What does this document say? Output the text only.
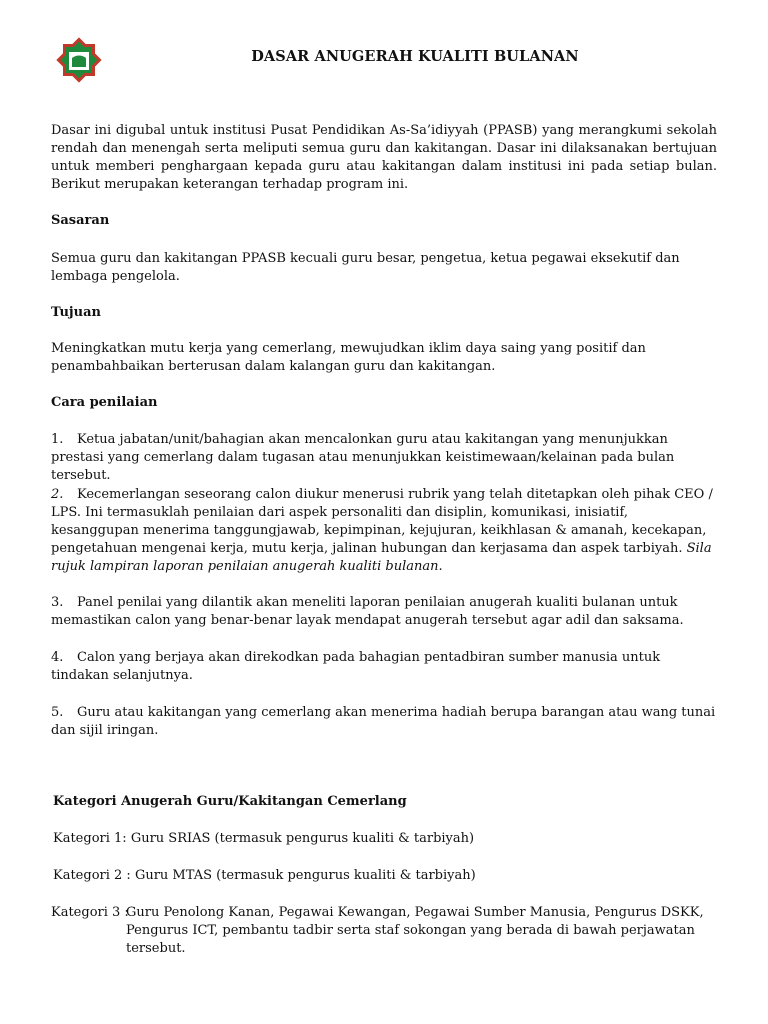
DASAR ANUGERAH KUALITI BULANAN

Dasar ini digubal untuk institusi Pusat Pendidikan As-Sa’idiyyah (PPASB) yang merangkumi sekolah rendah dan menengah serta meliputi semua guru dan kakitangan. Dasar ini dilaksanakan bertujuan untuk memberi penghargaan kepada guru atau kakitangan dalam institusi ini pada setiap bulan. Berikut merupakan keterangan terhadap program ini.

Sasaran

Semua guru dan kakitangan PPASB kecuali guru besar, pengetua, ketua pegawai eksekutif dan lembaga pengelola.

Tujuan

Meningkatkan mutu kerja yang cemerlang, mewujudkan iklim daya saing yang positif dan penambahbaikan berterusan dalam kalangan guru dan kakitangan.

Cara penilaian

1. Ketua jabatan/unit/bahagian akan mencalonkan guru atau kakitangan yang menunjukkan prestasi yang cemerlang dalam tugasan atau menunjukkan keistimewaan/kelainan pada bulan tersebut.

2. Kecemerlangan seseorang calon diukur menerusi rubrik yang telah ditetapkan oleh pihak CEO / LPS. Ini termasuklah penilaian dari aspek personaliti dan disiplin, komunikasi, inisiatif, kesanggupan menerima tanggungjawab, kepimpinan, kejujuran, keikhlasan & amanah, kecekapan, pengetahuan mengenai kerja, mutu kerja, jalinan hubungan dan kerjasama dan aspek tarbiyah. Sila rujuk lampiran laporan penilaian anugerah kualiti bulanan.

3. Panel penilai yang dilantik akan meneliti laporan penilaian anugerah kualiti bulanan untuk memastikan calon yang benar-benar layak mendapat anugerah tersebut agar adil dan saksama.

4. Calon yang berjaya akan direkodkan pada bahagian pentadbiran sumber manusia untuk tindakan selanjutnya.

5. Guru atau kakitangan yang cemerlang akan menerima hadiah berupa barangan atau wang tunai dan sijil iringan.

Kategori Anugerah Guru/Kakitangan Cemerlang

Kategori 1: Guru SRIAS (termasuk pengurus kualiti & tarbiyah)

Kategori 2 : Guru MTAS (termasuk pengurus kualiti & tarbiyah)

Kategori 3 :

Guru Penolong Kanan, Pegawai Kewangan, Pegawai Sumber Manusia, Pengurus DSKK, Pengurus ICT, pembantu tadbir serta staf sokongan yang berada di bawah perjawatan tersebut.
